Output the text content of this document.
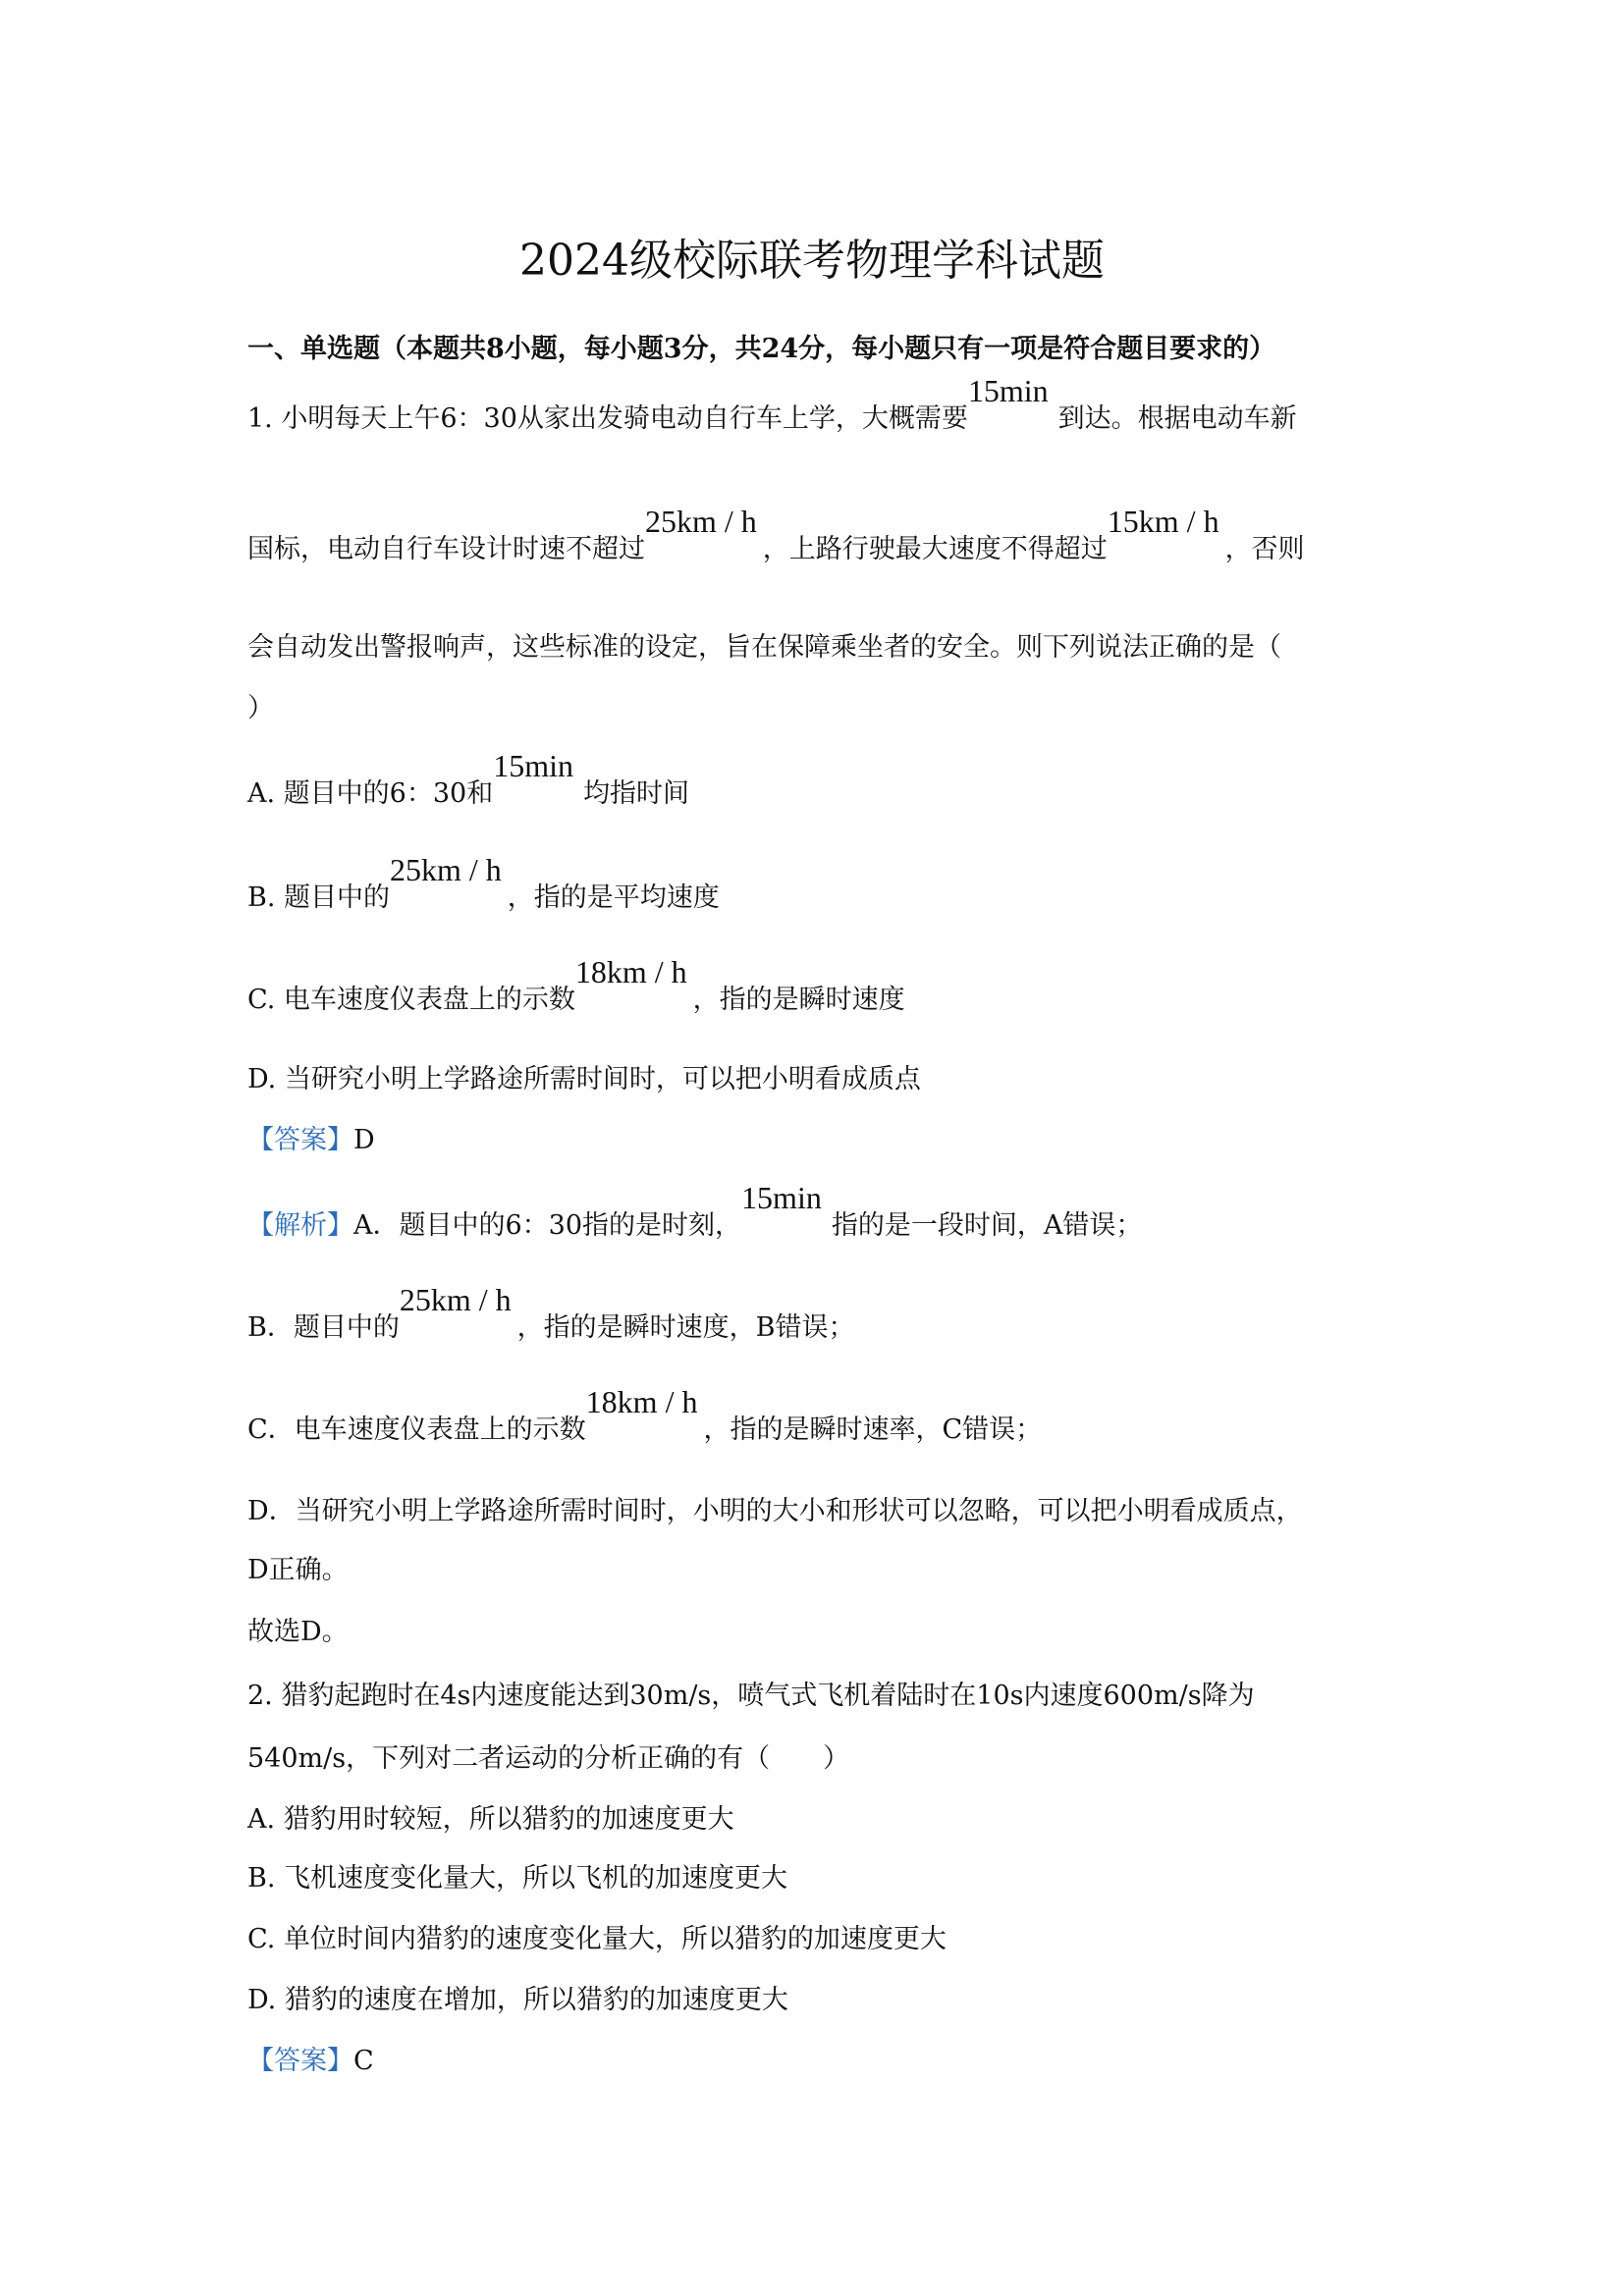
2024级校际联考物理学科试题
一、单选题（本题共8小题，每小题3分，共24分，每小题只有一项是符合题目要求的）
1. 小明每天上午6：30从家出发骑电动自行车上学，大概需要15min到达。根据电动车新
国标，电动自行车设计时速不超过25km / h，上路行驶最大速度不得超过15km / h，否则
会自动发出警报响声，这些标准的设定，旨在保障乘坐者的安全。则下列说法正确的是（
）
A. 题目中的6：30和15min均指时间
B. 题目中的25km / h，指的是平均速度
C. 电车速度仪表盘上的示数18km / h，指的是瞬时速度
D. 当研究小明上学路途所需时间时，可以把小明看成质点
【答案】D
【解析】A．题目中的6：30指的是时刻，15min指的是一段时间，A错误；
B．题目中的25km / h，指的是瞬时速度，B错误；
C．电车速度仪表盘上的示数18km / h，指的是瞬时速率，C错误；
D．当研究小明上学路途所需时间时，小明的大小和形状可以忽略，可以把小明看成质点，
D正确。
故选D。
2. 猎豹起跑时在4s内速度能达到30m/s，喷气式飞机着陆时在10s内速度600m/s降为
540m/s，下列对二者运动的分析正确的有（　　）
A. 猎豹用时较短，所以猎豹的加速度更大
B. 飞机速度变化量大，所以飞机的加速度更大
C. 单位时间内猎豹的速度变化量大，所以猎豹的加速度更大
D. 猎豹的速度在增加，所以猎豹的加速度更大
【答案】C
